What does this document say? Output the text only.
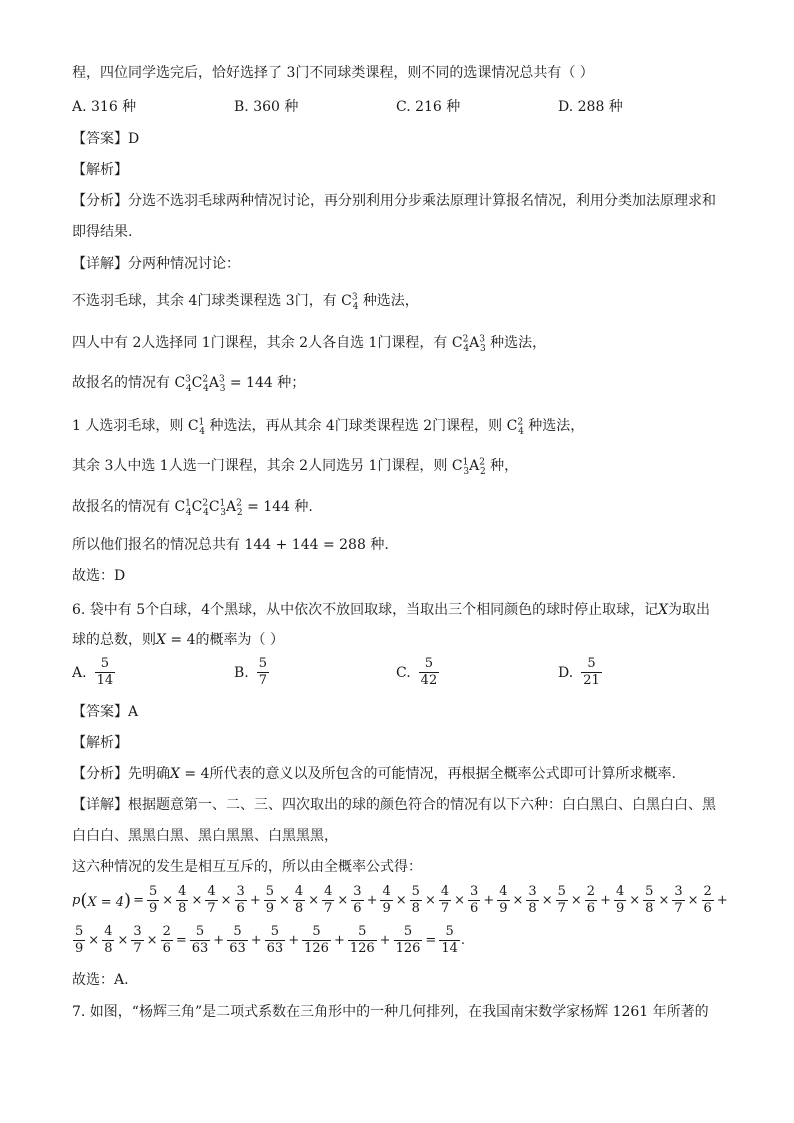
程，四位同学选完后，恰好选择了 3门不同球类课程，则不同的选课情况总共有（ ）
A. 316 种	B. 360 种	C. 216 种	D. 288 种
【答案】D
【解析】
【分析】分选不选羽毛球两种情况讨论，再分别利用分步乘法原理计算报名情况，利用分类加法原理求和
即得结果.
【详解】分两种情况讨论：
不选羽毛球，其余 4门球类课程选 3门，有 $C^3_4$ 种选法，
四人中有 2人选择同 1门课程，其余 2人各自选 1门课程，有 $C^2_4A^3_3$ 种选法，
故报名的情况有 $C^3_4C^2_4A^3_3 = 144$ 种；
1 人选羽毛球，则 $C^1_4$ 种选法，再从其余 4门球类课程选 2门课程，则 $C^2_4$ 种选法，
其余 3人中选 1人选一门课程，其余 2人同选另 1门课程，则 $C^1_3A^2_2$ 种，
故报名的情况有 $C^1_4C^2_4C^1_3A^2_2 = 144$ 种.
所以他们报名的情况总共有 144 + 144 = 288 种.
故选：D
6. 袋中有 5个白球，4个黑球，从中依次不放回取球，当取出三个相同颜色的球时停止取球，记X为取出
球的总数，则X = 4的概率为（ ）
A. $\frac{5}{14}$	B. $\frac{5}{7}$	C. $\frac{5}{42}$	D. $\frac{5}{21}$
【答案】A
【解析】
【分析】先明确X = 4所代表的意义以及所包含的可能情况，再根据全概率公式即可计算所求概率.
【详解】根据题意第一、二、三、四次取出的球的颜色符合的情况有以下六种：白白黑白、白黑白白、黑
白白白、黑黑白黑、黑白黑黑、白黑黑黑，
这六种情况的发生是相互互斥的，所以由全概率公式得：
p $(X = 4) = \frac{5}{9} \times \frac{4}{8} \times \frac{4}{7} \times \frac{3}{6} + \frac{5}{9} \times \frac{4}{8} \times \frac{4}{7} \times \frac{3}{6} + \frac{4}{9} \times \frac{5}{8} \times \frac{4}{7} \times \frac{3}{6} + \frac{4}{9} \times \frac{3}{8} \times \frac{5}{7} \times \frac{2}{6} + \frac{4}{9} \times \frac{5}{8} \times \frac{3}{7} \times \frac{2}{6}$ +
$\frac{5}{9} \times \frac{4}{8} \times \frac{3}{7} \times \frac{2}{6} = \frac{5}{63} + \frac{5}{63} + \frac{5}{63} + \frac{5}{126} + \frac{5}{126} + \frac{5}{126} = \frac{5}{14}$ .
故选：A.
7. 如图，“杨辉三角”是二项式系数在三角形中的一种几何排列，在我国南宋数学家杨辉 1261 年所著的
